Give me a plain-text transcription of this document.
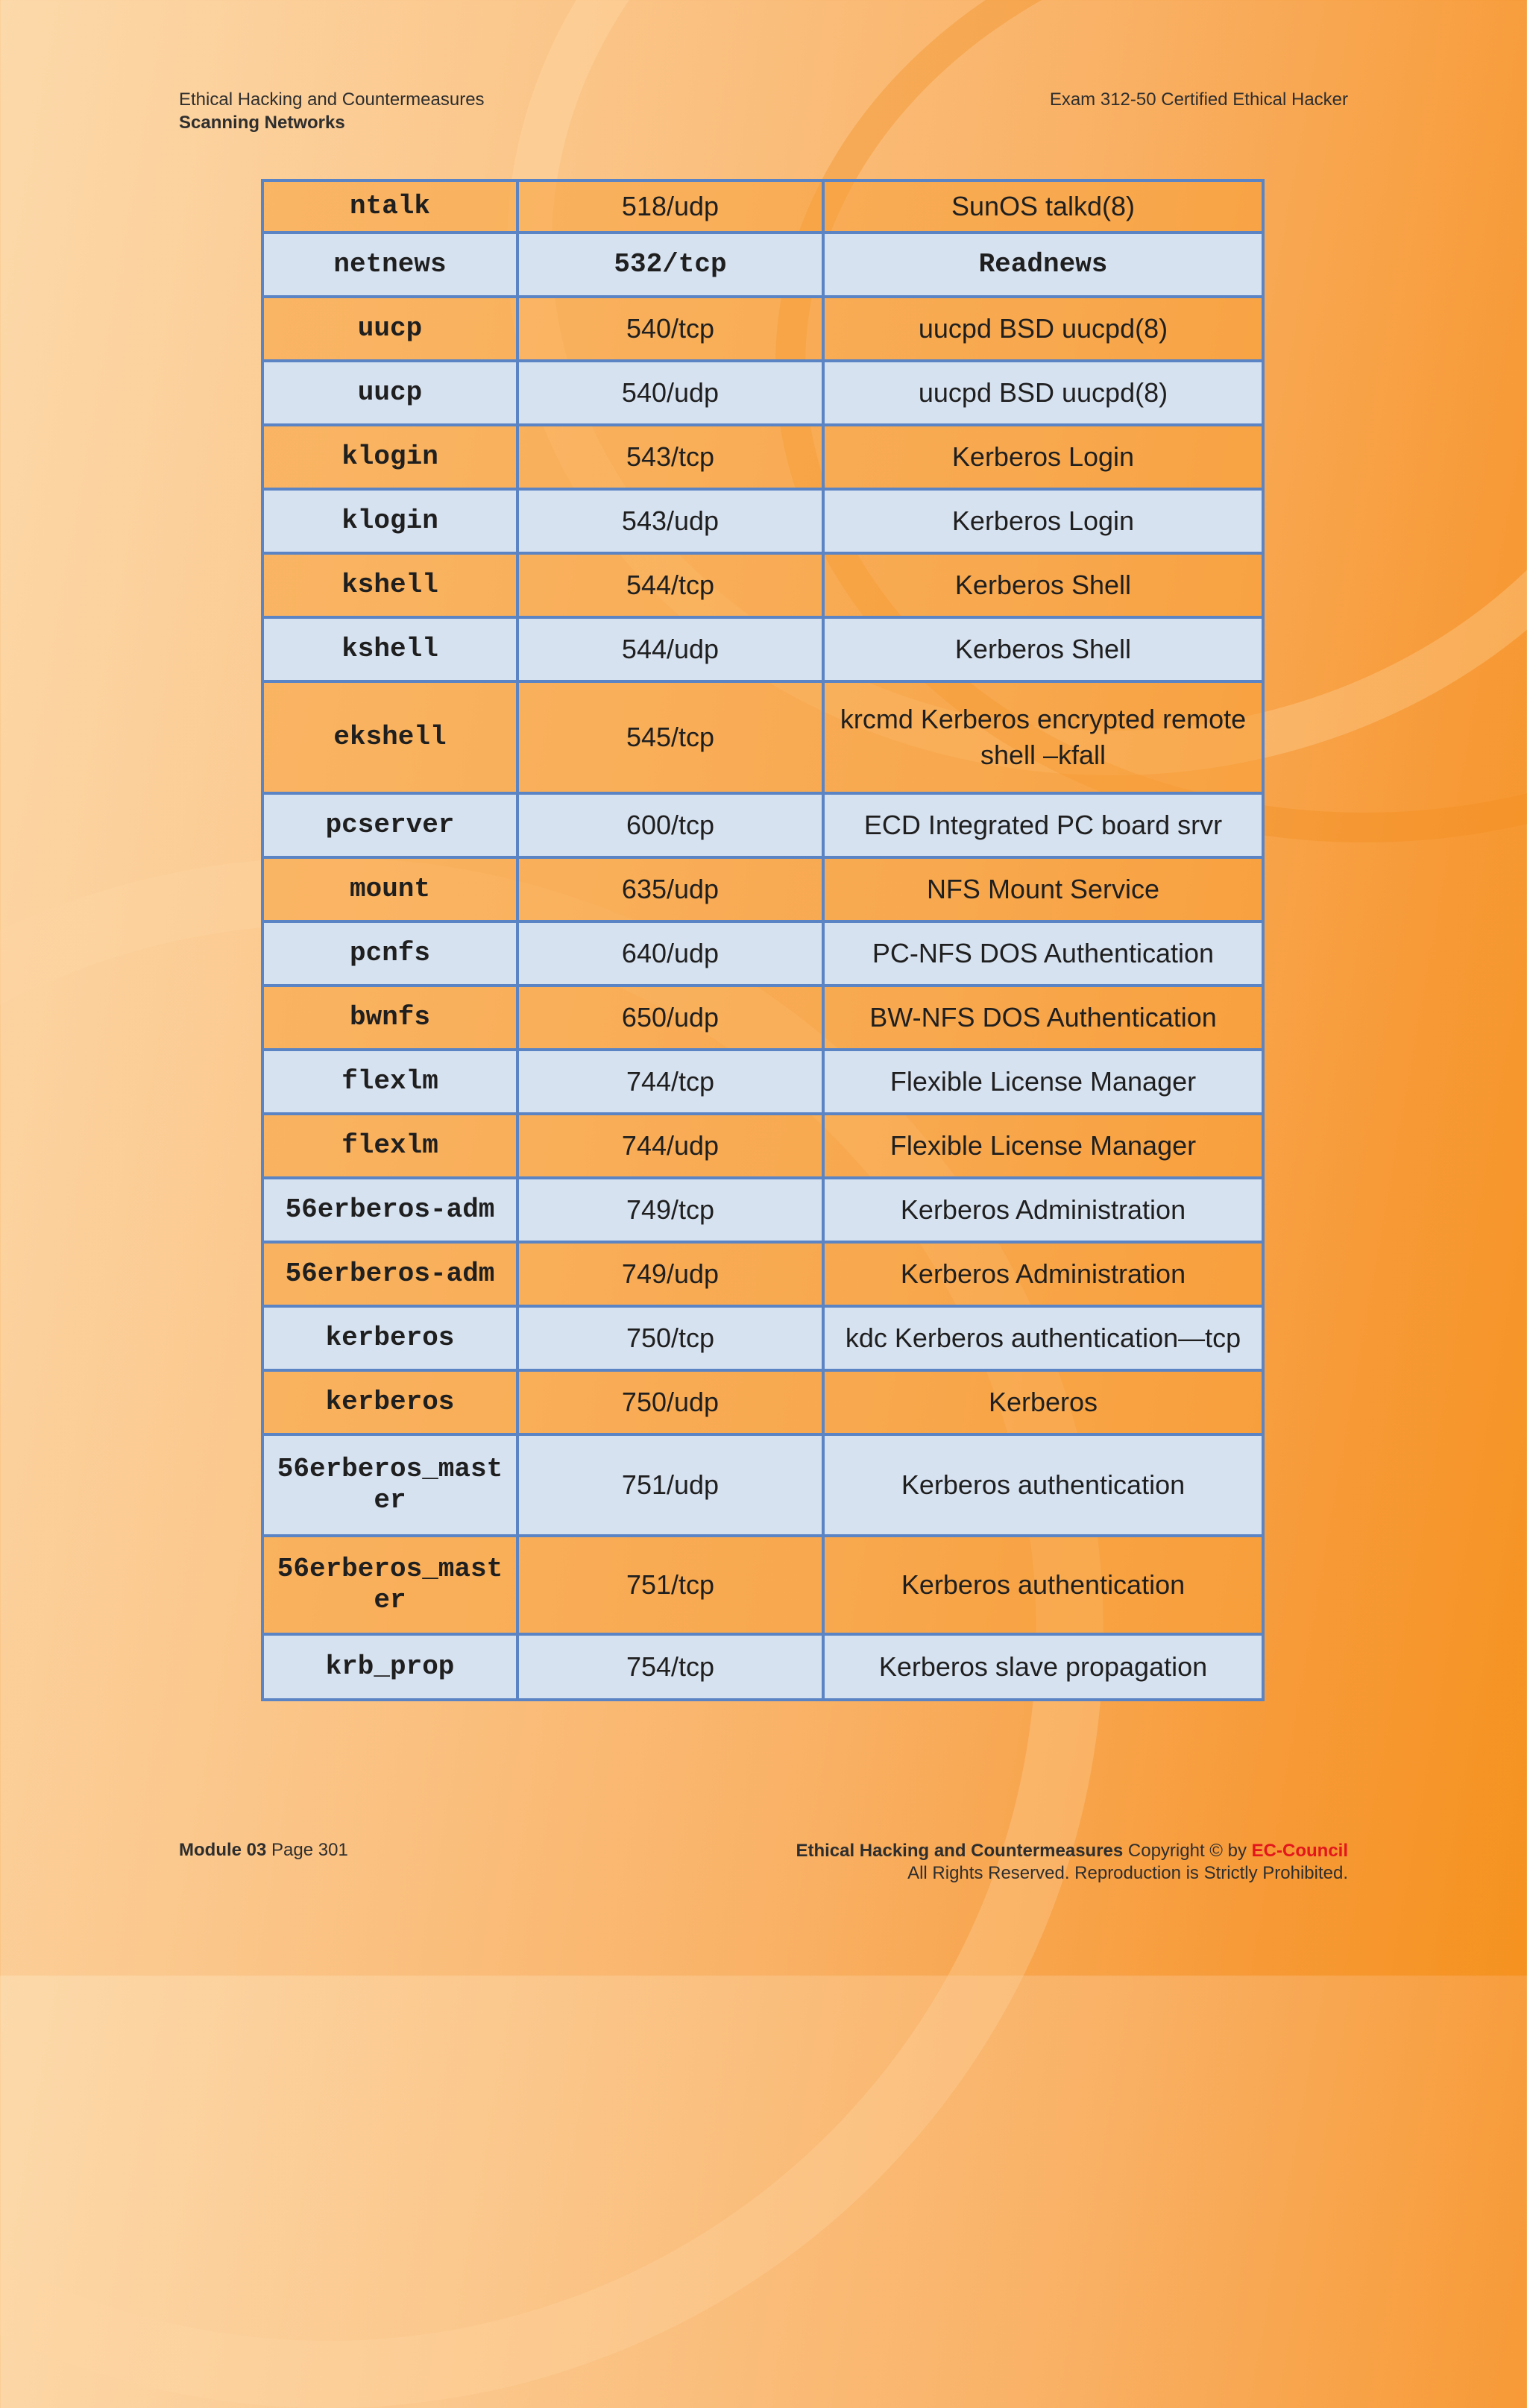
Ethical Hacking and Countermeasures
Scanning Networks
Exam 312-50 Certified Ethical Hacker
ntalk	518/udp	SunOS talkd(8)
netnews	532/tcp	Readnews
uucp	540/tcp	uucpd BSD uucpd(8)
uucp	540/udp	uucpd BSD uucpd(8)
klogin	543/tcp	Kerberos Login
klogin	543/udp	Kerberos Login
kshell	544/tcp	Kerberos Shell
kshell	544/udp	Kerberos Shell
ekshell	545/tcp	krcmd Kerberos encrypted remote shell –kfall
pcserver	600/tcp	ECD Integrated PC board srvr
mount	635/udp	NFS Mount Service
pcnfs	640/udp	PC-NFS DOS Authentication
bwnfs	650/udp	BW-NFS DOS Authentication
flexlm	744/tcp	Flexible License Manager
flexlm	744/udp	Flexible License Manager
56erberos-adm	749/tcp	Kerberos Administration
56erberos-adm	749/udp	Kerberos Administration
kerberos	750/tcp	kdc Kerberos authentication—tcp
kerberos	750/udp	Kerberos
56erberos_master	751/udp	Kerberos authentication
56erberos_master	751/tcp	Kerberos authentication
krb_prop	754/tcp	Kerberos slave propagation
Module 03 Page 301	Ethical Hacking and Countermeasures Copyright © by EC-Council
All Rights Reserved. Reproduction is Strictly Prohibited.
